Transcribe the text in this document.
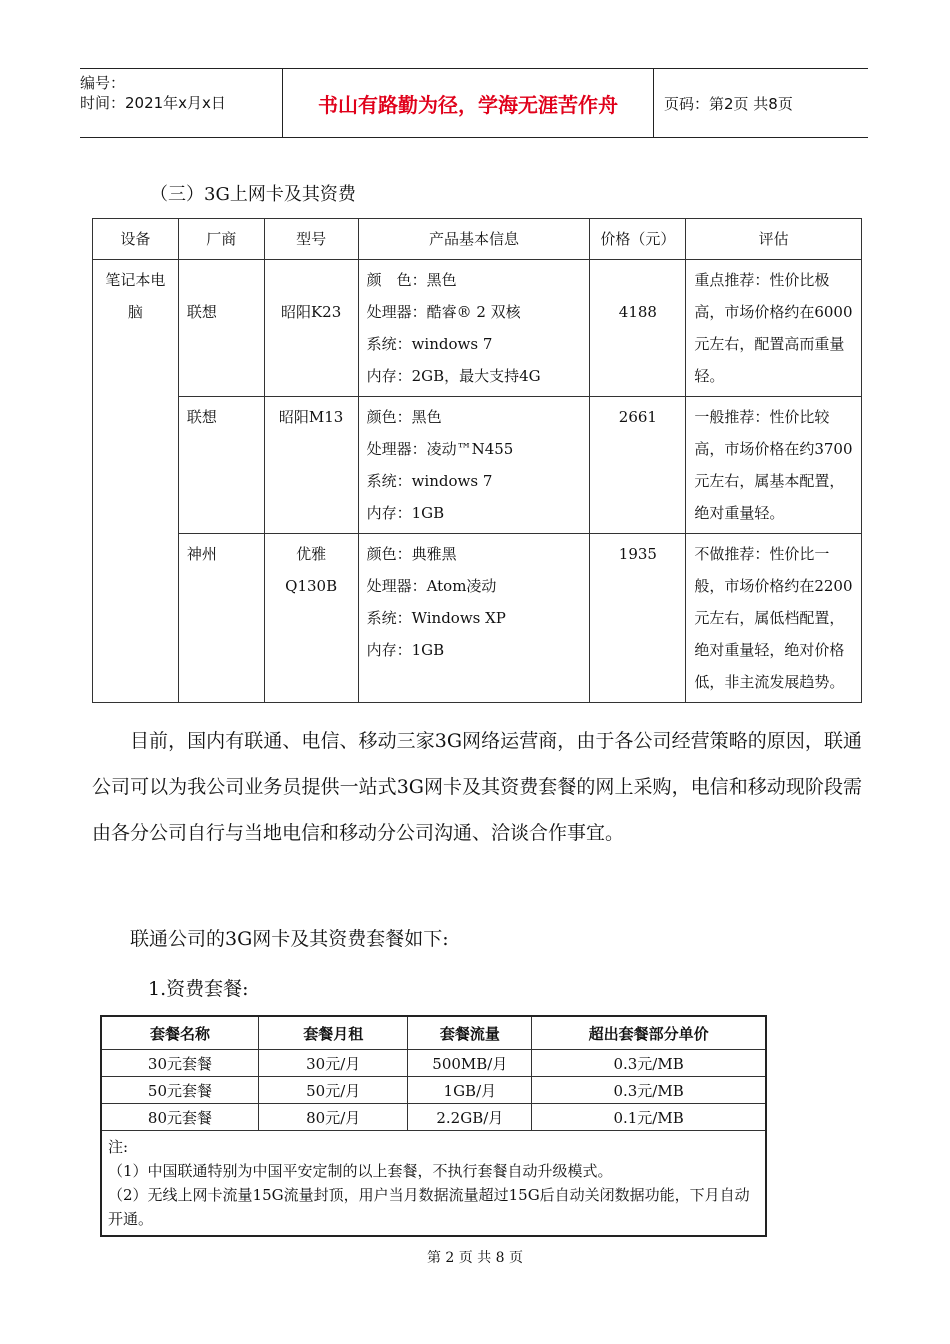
编号：
时间：2021年x月x日	书山有路勤为径，学海无涯苦作舟	页码：第2页 共8页
（三）3G上网卡及其资费
设备	厂商	型号	产品基本信息	价格（元）	评估
笔记本电脑	联想	昭阳K23	颜　色：黑色
处理器：酷睿® 2 双核
系统：windows 7
内存：2GB，最大支持4G	4188	重点推荐：性价比极高，市场价格约在6000元左右，配置高而重量轻。
	联想	昭阳M13	颜色：黑色
处理器：凌动™N455
系统：windows 7
内存：1GB	2661	一般推荐：性价比较高，市场价格在约3700元左右，属基本配置，绝对重量轻。
	神州	优雅Q130B	颜色：典雅黑
处理器：Atom凌动
系统：Windows XP
内存：1GB	1935	不做推荐：性价比一般，市场价格约在2200元左右，属低档配置，绝对重量轻，绝对价格低，非主流发展趋势。
目前，国内有联通、电信、移动三家3G网络运营商，由于各公司经营策略的原因，联通公司可以为我公司业务员提供一站式3G网卡及其资费套餐的网上采购，电信和移动现阶段需由各分公司自行与当地电信和移动分公司沟通、洽谈合作事宜。
联通公司的3G网卡及其资费套餐如下:
1.资费套餐:
套餐名称	套餐月租	套餐流量	超出套餐部分单价
30元套餐	30元/月	500MB/月	0.3元/MB
50元套餐	50元/月	1GB/月	0.3元/MB
80元套餐	80元/月	2.2GB/月	0.1元/MB

注:
（1）中国联通特别为中国平安定制的以上套餐，不执行套餐自动升级模式。
（2）无线上网卡流量15G流量封顶，用户当月数据流量超过15G后自动关闭数据功能，下月自动开通。			
第 2 页 共 8 页
